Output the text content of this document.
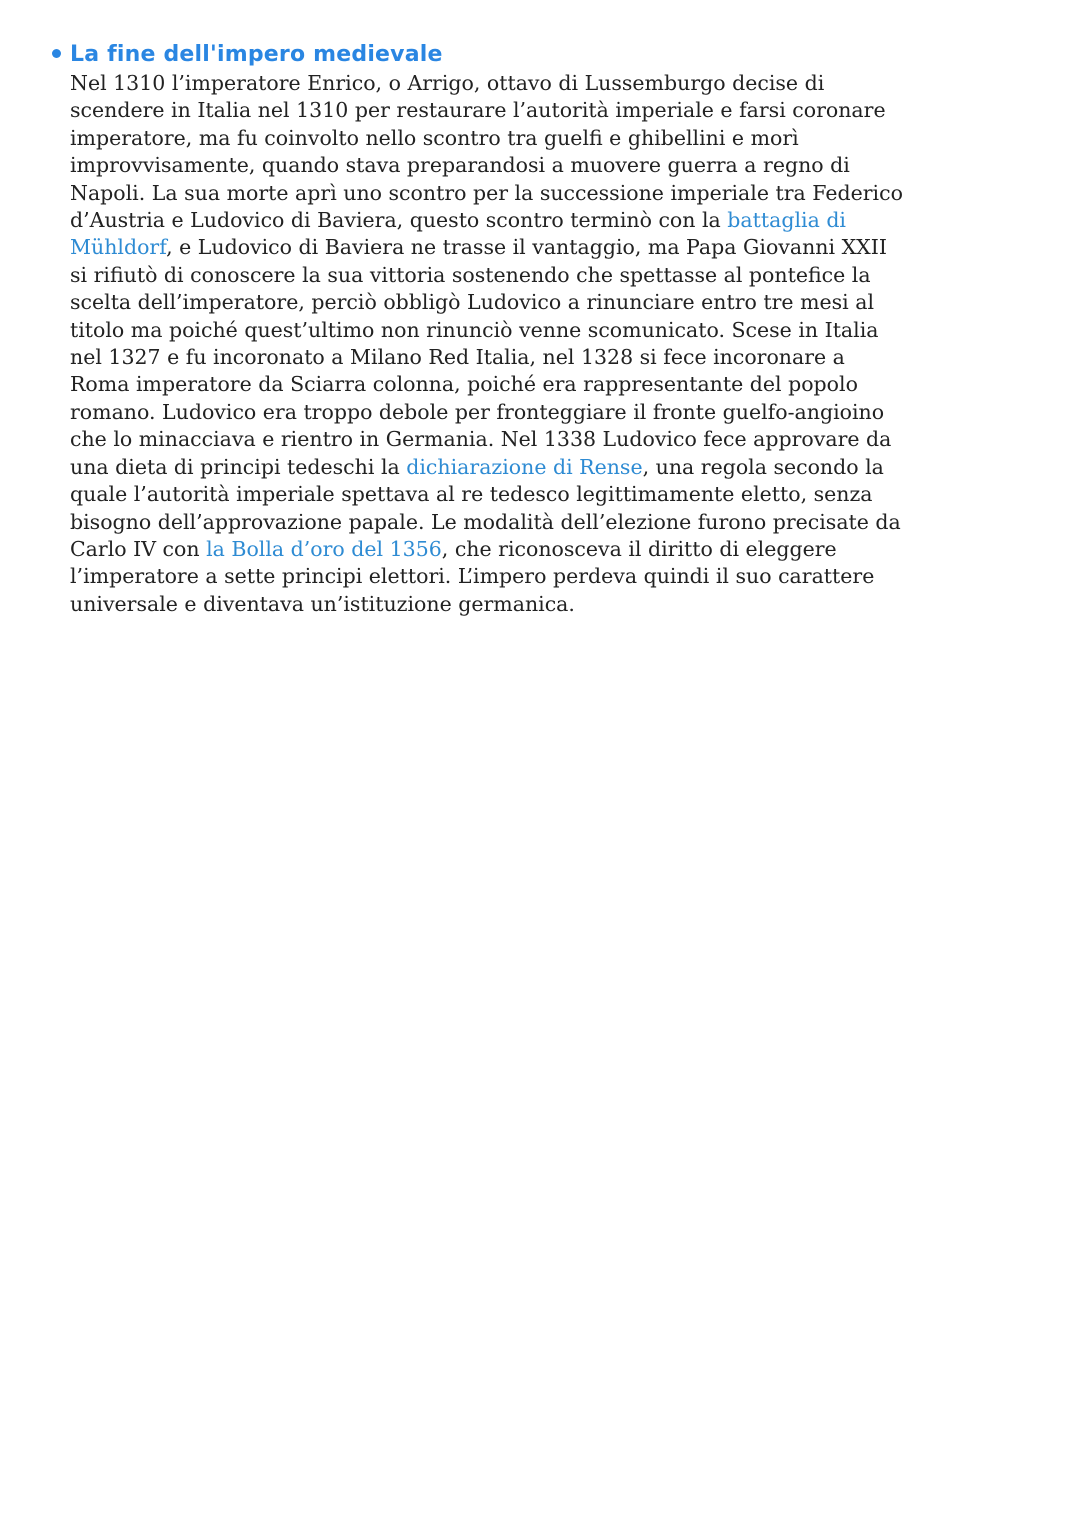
La fine dell'impero medievale
Nel 1310 l’imperatore Enrico, o Arrigo, ottavo di Lussemburgo decise di
scendere in Italia nel 1310 per restaurare l’autorità imperiale e farsi coronare
imperatore, ma fu coinvolto nello scontro tra guelfi e ghibellini e morì
improvvisamente, quando stava preparandosi a muovere guerra a regno di
Napoli. La sua morte aprì uno scontro per la successione imperiale tra Federico
d’Austria e Ludovico di Baviera, questo scontro terminò con la battaglia di
Mühldorf, e Ludovico di Baviera ne trasse il vantaggio, ma Papa Giovanni XXII
si rifiutò di conoscere la sua vittoria sostenendo che spettasse al pontefice la
scelta dell’imperatore, perciò obbligò Ludovico a rinunciare entro tre mesi al
titolo ma poiché quest’ultimo non rinunciò venne scomunicato. Scese in Italia
nel 1327 e fu incoronato a Milano Red Italia, nel 1328 si fece incoronare a
Roma imperatore da Sciarra colonna, poiché era rappresentante del popolo
romano. Ludovico era troppo debole per fronteggiare il fronte guelfo-angioino
che lo minacciava e rientro in Germania. Nel 1338 Ludovico fece approvare da
una dieta di principi tedeschi la dichiarazione di Rense, una regola secondo la
quale l’autorità imperiale spettava al re tedesco legittimamente eletto, senza
bisogno dell’approvazione papale. Le modalità dell’elezione furono precisate da
Carlo IV con la Bolla d’oro del 1356, che riconosceva il diritto di eleggere
l’imperatore a sette principi elettori. L’impero perdeva quindi il suo carattere
universale e diventava un’istituzione germanica.
